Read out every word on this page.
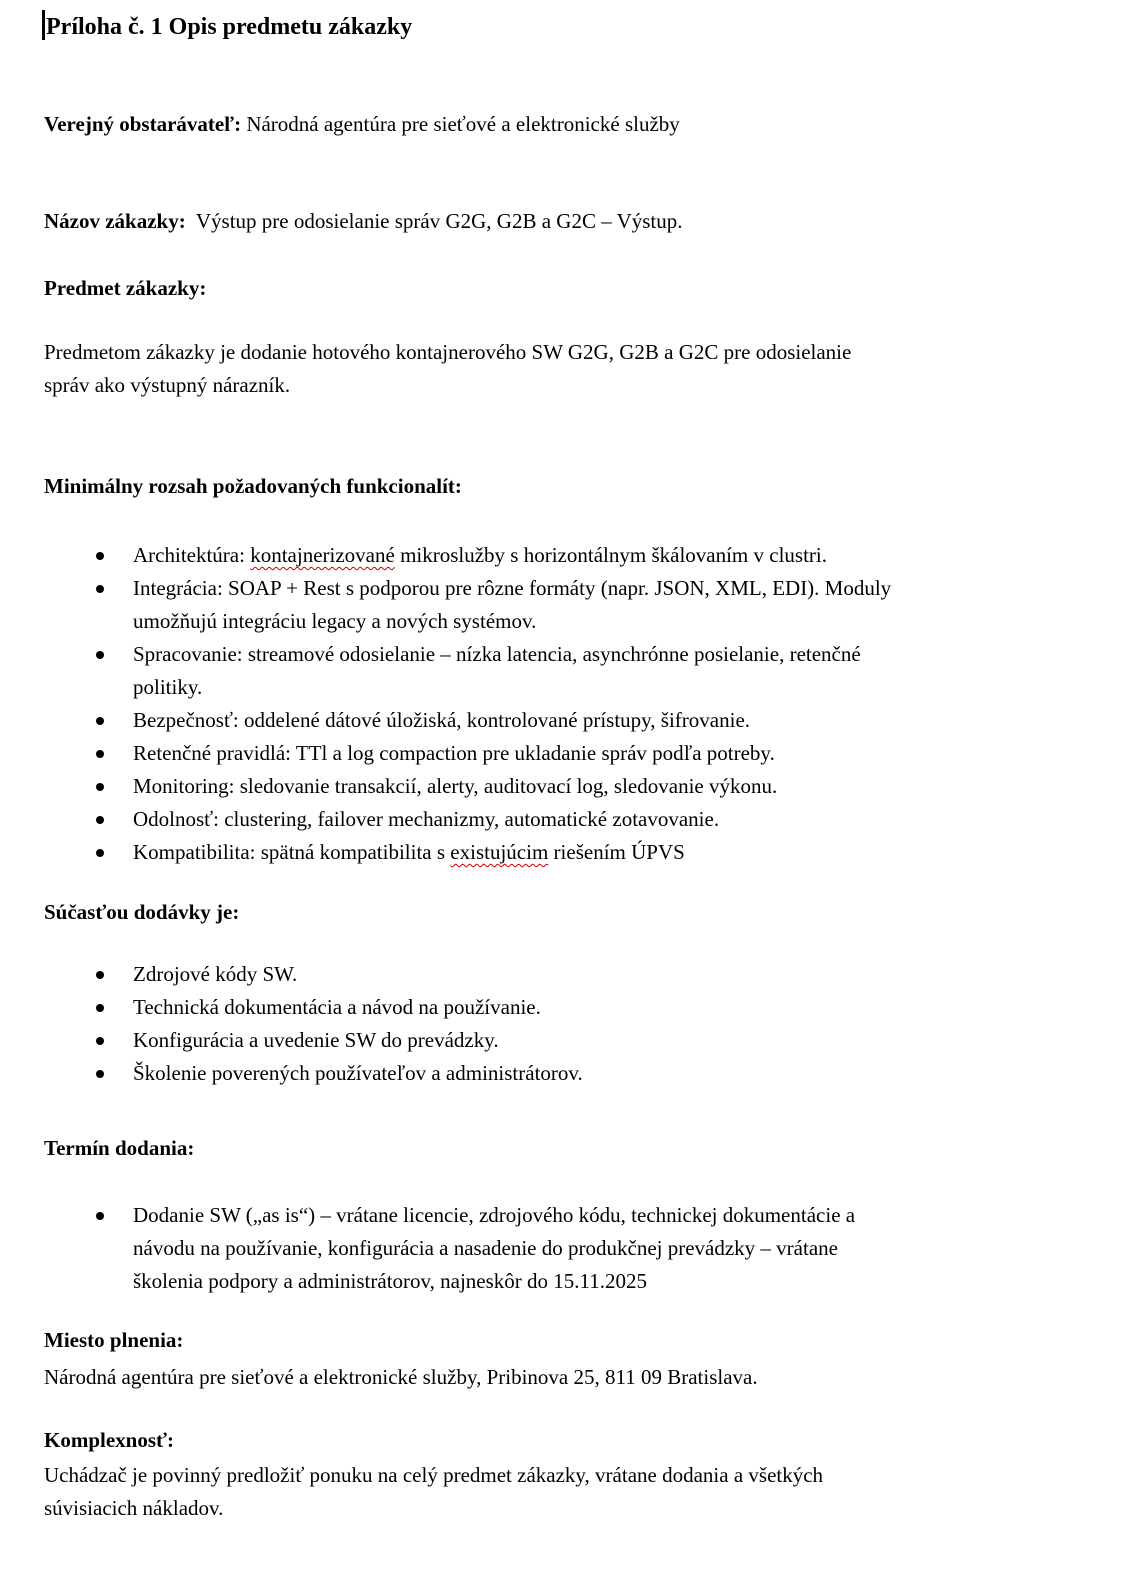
Príloha č. 1 Opis predmetu zákazky
Verejný obstarávateľ: Národná agentúra pre sieťové a elektronické služby
Názov zákazky:  Výstup pre odosielanie správ G2G, G2B a G2C – Výstup.
Predmet zákazky:
Predmetom zákazky je dodanie hotového kontajnerového SW G2G, G2B a G2C pre odosielanie
správ ako výstupný nárazník.
Minimálny rozsah požadovaných funkcionalít:
Architektúra: kontajnerizované mikroslužby s horizontálnym škálovaním v clustri.
Integrácia: SOAP + Rest s podporou pre rôzne formáty (napr. JSON, XML, EDI). Moduly
umožňujú integráciu legacy a nových systémov.
Spracovanie: streamové odosielanie – nízka latencia, asynchrónne posielanie, retenčné
politiky.
Bezpečnosť: oddelené dátové úložiská, kontrolované prístupy, šifrovanie.
Retenčné pravidlá: TTl a log compaction pre ukladanie správ podľa potreby.
Monitoring: sledovanie transakcií, alerty, auditovací log, sledovanie výkonu.
Odolnosť: clustering, failover mechanizmy, automatické zotavovanie.
Kompatibilita: spätná kompatibilita s existujúcim riešením ÚPVS
Súčasťou dodávky je:
Zdrojové kódy SW.
Technická dokumentácia a návod na používanie.
Konfigurácia a uvedenie SW do prevádzky.
Školenie poverených používateľov a administrátorov.
Termín dodania:
Dodanie SW („as is“) – vrátane licencie, zdrojového kódu, technickej dokumentácie a
návodu na používanie, konfigurácia a nasadenie do produkčnej prevádzky – vrátane
školenia podpory a administrátorov, najneskôr do 15.11.2025
Miesto plnenia:
Národná agentúra pre sieťové a elektronické služby, Pribinova 25, 811 09 Bratislava.
Komplexnosť:
Uchádzač je povinný predložiť ponuku na celý predmet zákazky, vrátane dodania a všetkých
súvisiacich nákladov.
